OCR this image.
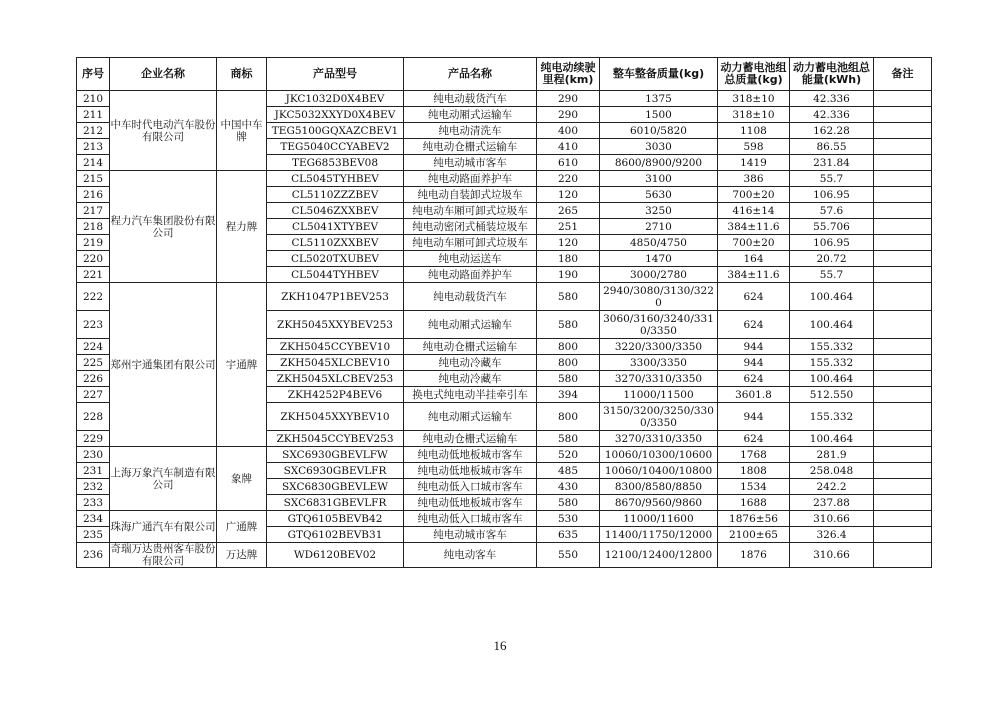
序号	企业名称	商标	产品型号	产品名称	纯电动续驶里程(km)	整车整备质量(kg)	动力蓄电池组总质量(kg)	动力蓄电池组总能量(kWh)	备注
210	中车时代电动汽车股份有限公司	中国中车牌	JKC1032D0X4BEV	纯电动载货汽车	290	1375	318±10	42.336	
211			JKC5032XXYD0X4BEV	纯电动厢式运输车	290	1500	318±10	42.336	
212			TEG5100GQXAZCBEV1	纯电动清洗车	400	6010/5820	1108	162.28	
213			TEG5040CCYABEV2	纯电动仓栅式运输车	410	3030	598	86.55	
214			TEG6853BEV08	纯电动城市客车	610	8600/8900/9200	1419	231.84	
215	程力汽车集团股份有限公司	程力牌	CL5045TYHBEV	纯电动路面养护车	220	3100	386	55.7	
216			CL5110ZZZBEV	纯电动自装卸式垃圾车	120	5630	700±20	106.95	
217			CL5046ZXXBEV	纯电动车厢可卸式垃圾车	265	3250	416±14	57.6	
218			CL5041XTYBEV	纯电动密闭式桶装垃圾车	251	2710	384±11.6	55.706	
219			CL5110ZXXBEV	纯电动车厢可卸式垃圾车	120	4850/4750	700±20	106.95	
220			CL5020TXUBEV	纯电动运送车	180	1470	164	20.72	
221			CL5044TYHBEV	纯电动路面养护车	190	3000/2780	384±11.6	55.7	
222	郑州宇通集团有限公司	宇通牌	ZKH1047P1BEV253	纯电动载货汽车	580	2940/3080/3130/3220	624	100.464	
223			ZKH5045XXYBEV253	纯电动厢式运输车	580	3060/3160/3240/3310/3350	624	100.464	
224			ZKH5045CCYBEV10	纯电动仓栅式运输车	800	3220/3300/3350	944	155.332	
225			ZKH5045XLCBEV10	纯电动冷藏车	800	3300/3350	944	155.332	
226			ZKH5045XLCBEV253	纯电动冷藏车	580	3270/3310/3350	624	100.464	
227			ZKH4252P4BEV6	换电式纯电动半挂牵引车	394	11000/11500	3601.8	512.550	
228			ZKH5045XXYBEV10	纯电动厢式运输车	800	3150/3200/3250/3300/3350	944	155.332	
229			ZKH5045CCYBEV253	纯电动仓栅式运输车	580	3270/3310/3350	624	100.464	
230	上海万象汽车制造有限公司	象牌	SXC6930GBEVLFW	纯电动低地板城市客车	520	10060/10300/10600	1768	281.9	
231			SXC6930GBEVLFR	纯电动低地板城市客车	485	10060/10400/10800	1808	258.048	
232			SXC6830GBEVLEW	纯电动低入口城市客车	430	8300/8580/8850	1534	242.2	
233			SXC6831GBEVLFR	纯电动低地板城市客车	580	8670/9560/9860	1688	237.88	
234	珠海广通汽车有限公司	广通牌	GTQ6105BEVB42	纯电动低入口城市客车	530	11000/11600	1876±56	310.66	
235			GTQ6102BEVB31	纯电动城市客车	635	11400/11750/12000	2100±65	326.4	
236	奇瑞万达贵州客车股份有限公司	万达牌	WD6120BEV02	纯电动客车	550	12100/12400/12800	1876	310.66	
16
